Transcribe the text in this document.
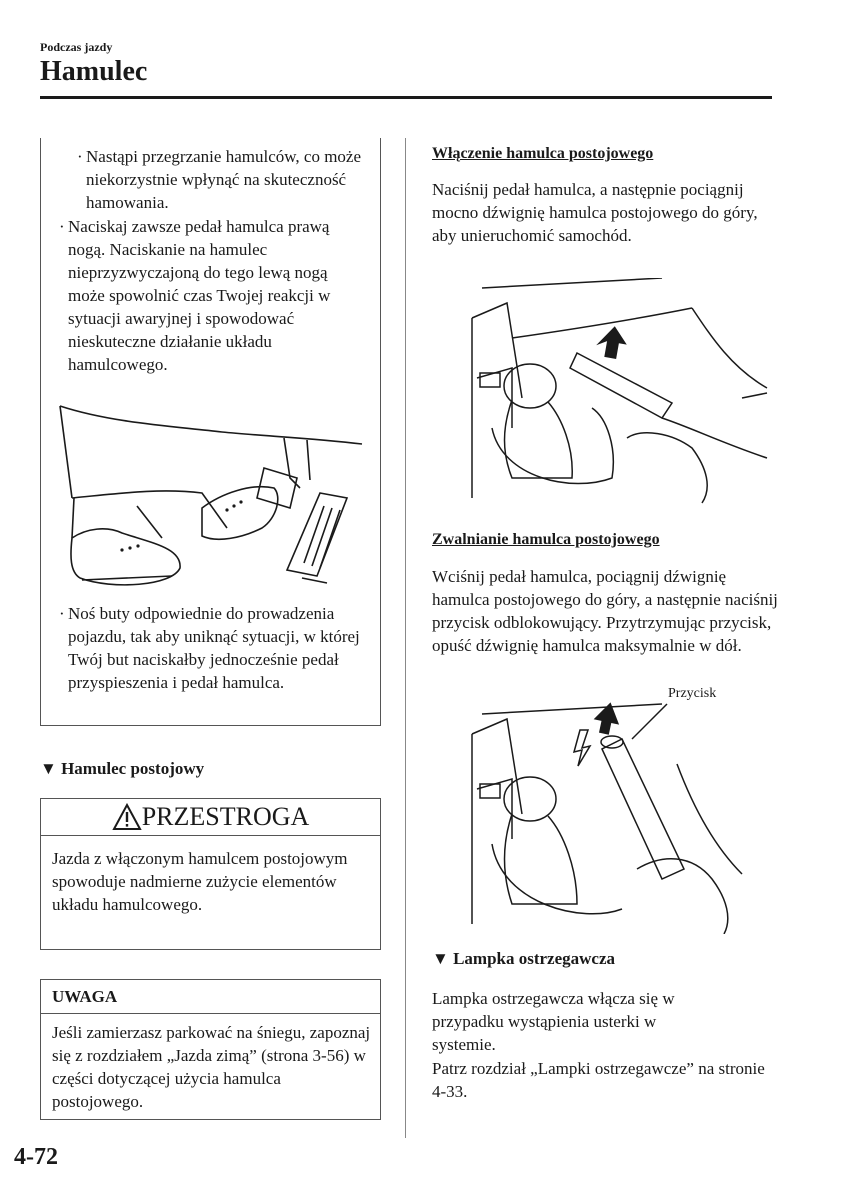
Podczas jazdy
Hamulec
· Nastąpi przegrzanie hamulców, co może niekorzystnie wpłynąć na skuteczność hamowania.
· Naciskaj zawsze pedał hamulca prawą nogą. Naciskanie na hamulec nieprzyzwyczajoną do tego lewą nogą może spowolnić czas Twojej reakcji w sytuacji awaryjnej i spowodować nieskuteczne działanie układu hamulcowego.
· Noś buty odpowiednie do prowadzenia pojazdu, tak aby uniknąć sytuacji, w której Twój but naciskałby jednocześnie pedał przyspieszenia i pedał hamulca.
▼ Hamulec postojowy
PRZESTROGA
Jazda z włączonym hamulcem postojowym spowoduje nadmierne zużycie elementów układu hamulcowego.
UWAGA
Jeśli zamierzasz parkować na śniegu, zapoznaj się z rozdziałem „Jazda zimą” (strona 3-56) w części dotyczącej użycia hamulca postojowego.
Włączenie hamulca postojowego
Naciśnij pedał hamulca, a następnie pociągnij mocno dźwignię hamulca postojowego do góry, aby unieruchomić samochód.
Zwalnianie hamulca postojowego
Wciśnij pedał hamulca, pociągnij dźwignię hamulca postojowego do góry, a następnie naciśnij przycisk odblokowujący. Przytrzymując przycisk, opuść dźwignię hamulca maksymalnie w dół.
Przycisk
▼ Lampka ostrzegawcza
Lampka ostrzegawcza włącza się w przypadku wystąpienia usterki w systemie.
Patrz rozdział „Lampki ostrzegawcze” na stronie 4-33.
4-72
